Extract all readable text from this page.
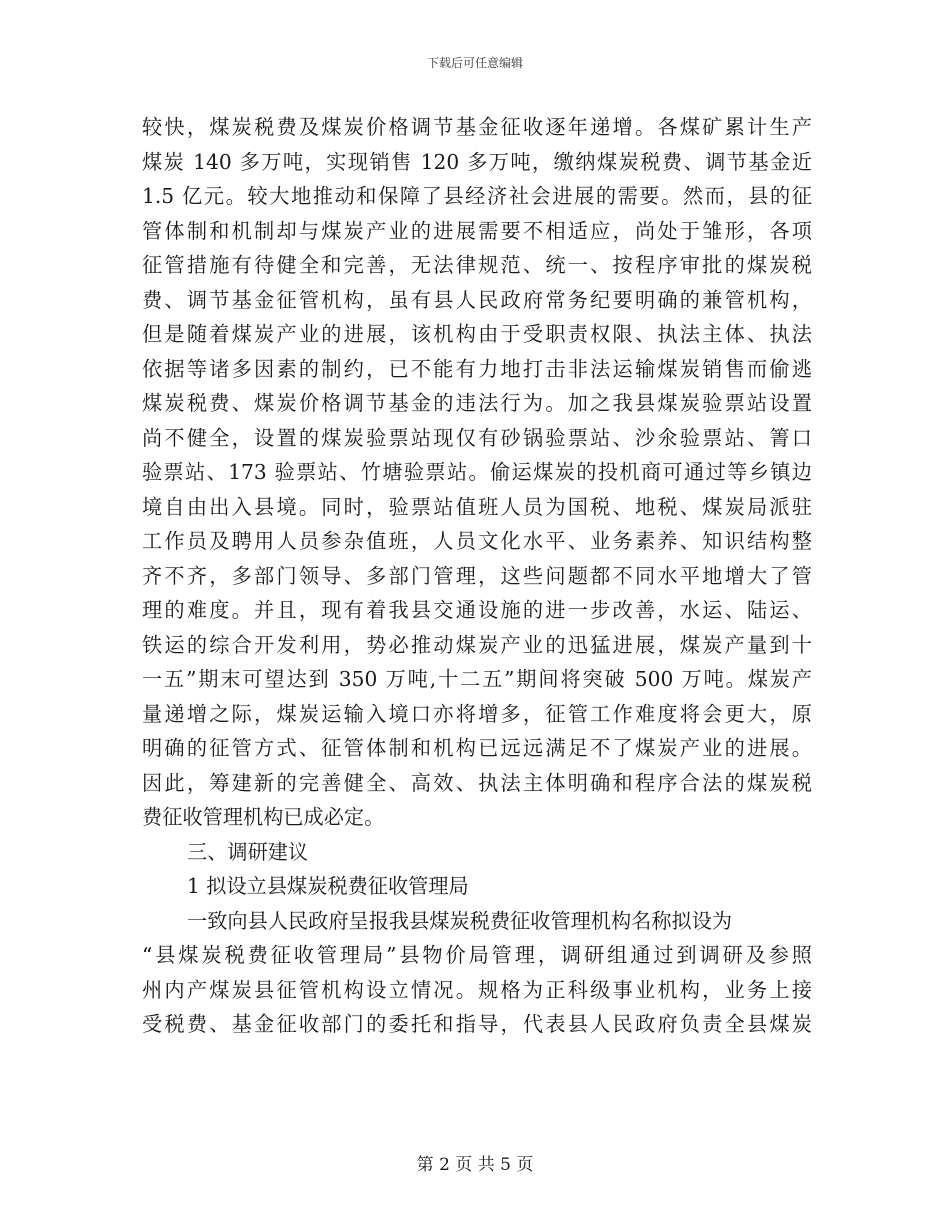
下载后可任意编辑
较快，煤炭税费及煤炭价格调节基金征收逐年递增。各煤矿累计生产
煤炭 140 多万吨，实现销售 120 多万吨，缴纳煤炭税费、调节基金近
1.5 亿元。较大地推动和保障了县经济社会进展的需要。然而，县的征
管体制和机制却与煤炭产业的进展需要不相适应，尚处于雏形，各项
征管措施有待健全和完善，无法律规范、统一、按程序审批的煤炭税
费、调节基金征管机构，虽有县人民政府常务纪要明确的兼管机构，
但是随着煤炭产业的进展，该机构由于受职责权限、执法主体、执法
依据等诸多因素的制约，已不能有力地打击非法运输煤炭销售而偷逃
煤炭税费、煤炭价格调节基金的违法行为。加之我县煤炭验票站设置
尚不健全，设置的煤炭验票站现仅有砂锅验票站、沙氽验票站、箐口
验票站、173 验票站、竹塘验票站。偷运煤炭的投机商可通过等乡镇边
境自由出入县境。同时，验票站值班人员为国税、地税、煤炭局派驻
工作员及聘用人员参杂值班，人员文化水平、业务素养、知识结构整
齐不齐，多部门领导、多部门管理，这些问题都不同水平地增大了管
理的难度。并且，现有着我县交通设施的进一步改善，水运、陆运、
铁运的综合开发利用，势必推动煤炭产业的迅猛进展，煤炭产量到十
一五”期末可望达到 350 万吨,十二五”期间将突破 500 万吨。煤炭产
量递增之际，煤炭运输入境口亦将增多，征管工作难度将会更大，原
明确的征管方式、征管体制和机构已远远满足不了煤炭产业的进展。
因此，筹建新的完善健全、高效、执法主体明确和程序合法的煤炭税
费征收管理机构已成必定。
三、调研建议
1 拟设立县煤炭税费征收管理局
一致向县人民政府呈报我县煤炭税费征收管理机构名称拟设为
“县煤炭税费征收管理局”县物价局管理，调研组通过到调研及参照
州内产煤炭县征管机构设立情况。规格为正科级事业机构，业务上接
受税费、基金征收部门的委托和指导，代表县人民政府负责全县煤炭
第 2 页 共 5 页
